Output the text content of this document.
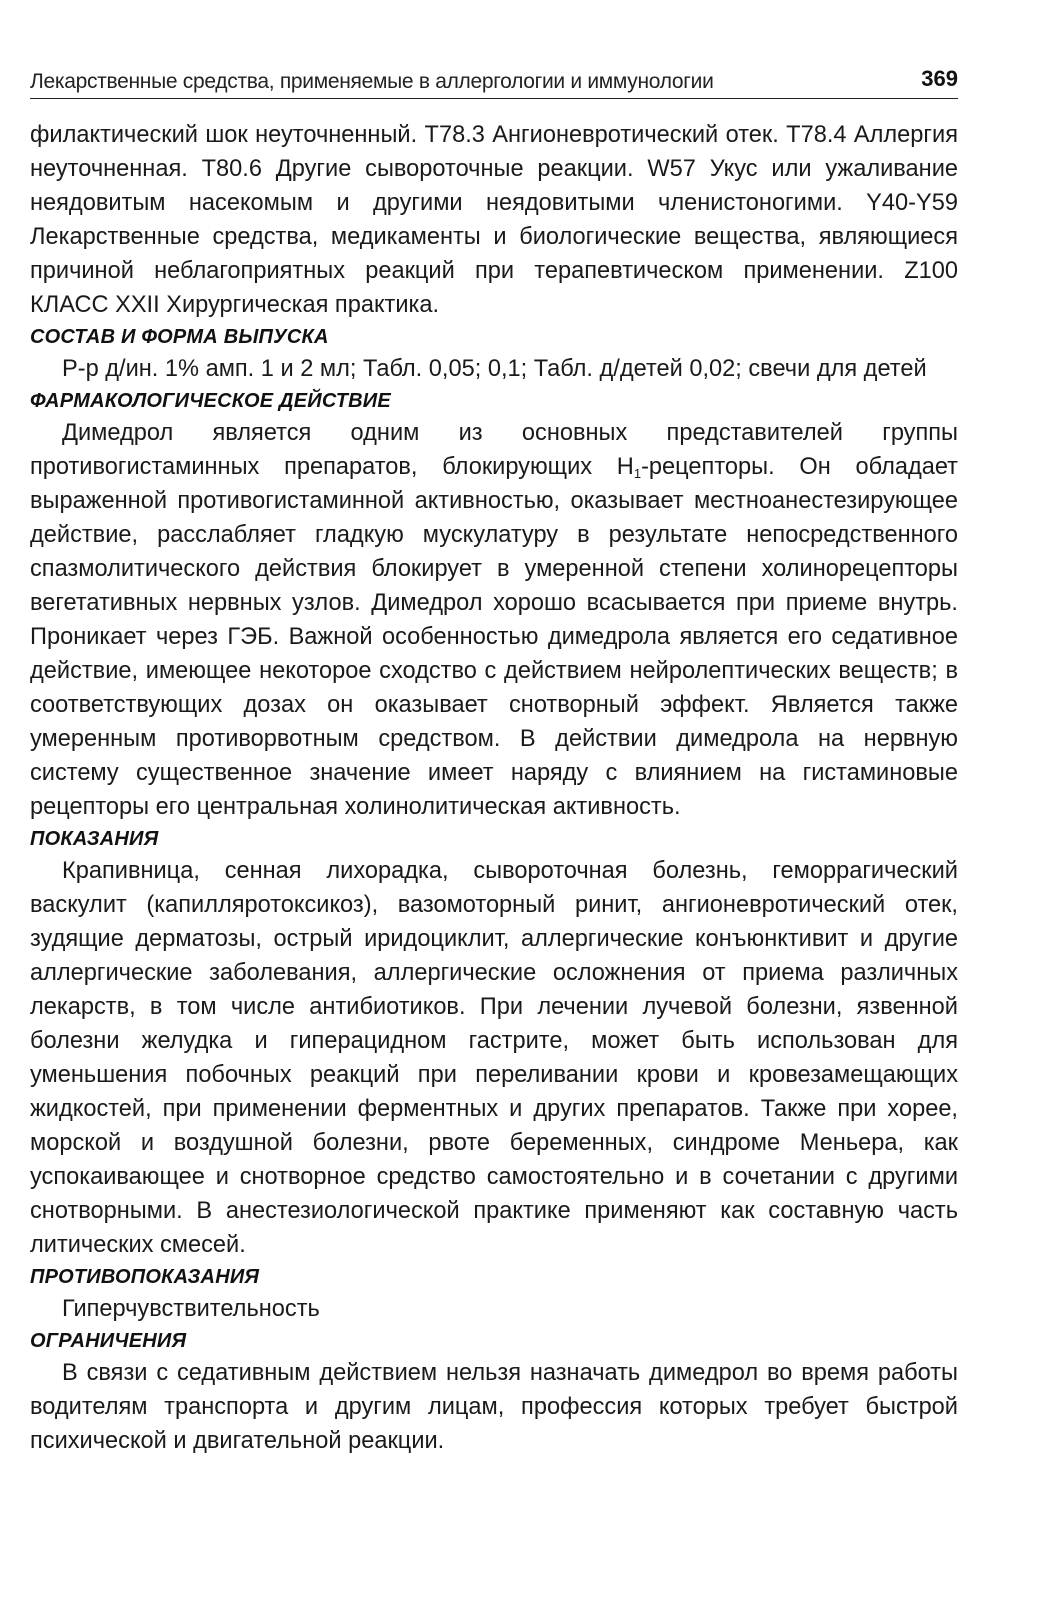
Лекарственные средства, применяемые в аллергологии и иммунологии	369

филактический шок неуточненный. T78.3 Ангионевротический отек. T78.4 Аллергия неуточненная. T80.6 Другие сывороточные реакции. W57 Укус или ужаливание неядовитым насекомым и другими неядовитыми членистоногими. Y40-Y59 Лекарственные средства, медикаменты и биологические вещества, являющиеся причиной неблагоприятных реакций при терапевтическом применении. Z100 КЛАСС XXII Хирургическая практика.

СОСТАВ И ФОРМА ВЫПУСКА

Р-р д/ин. 1% амп. 1 и 2 мл; Табл. 0,05; 0,1; Табл. д/детей 0,02; свечи для детей

ФАРМАКОЛОГИЧЕСКОЕ ДЕЙСТВИЕ

Димедрол является одним из основных представителей группы противогистаминных препаратов, блокирующих $Н_1$-рецепторы. Он обладает выраженной противогистаминной активностью, оказывает местноанестезирующее действие, расслабляет гладкую мускулатуру в результате непосредственного спазмолитического действия блокирует в умеренной степени холинорецепторы вегетативных нервных узлов. Димедрол хорошо всасывается при приеме внутрь. Проникает через ГЭБ. Важной особенностью димедрола является его седативное действие, имеющее некоторое сходство с действием нейролептических веществ; в соответствующих дозах он оказывает снотворный эффект. Является также умеренным противорвотным средством. В действии димедрола на нервную систему существенное значение имеет наряду с влиянием на гистаминовые рецепторы его центральная холинолитическая активность.

ПОКАЗАНИЯ

Крапивница, сенная лихорадка, сывороточная болезнь, геморрагический васкулит (капилляротоксикоз), вазомоторный ринит, ангионевротический отек, зудящие дерматозы, острый иридоциклит, аллергические конъюнктивит и другие аллергические заболевания, аллергические осложнения от приема различных лекарств, в том числе антибиотиков. При лечении лучевой болезни, язвенной болезни желудка и гиперацидном гастрите, может быть использован для уменьшения побочных реакций при переливании крови и кровезамещающих жидкостей, при применении ферментных и других препаратов. Также при хорее, морской и воздушной болезни, рвоте беременных, синдроме Меньера, как успокаивающее и снотворное средство самостоятельно и в сочетании с другими снотворными. В анестезиологической практике применяют как составную часть литических смесей.

ПРОТИВОПОКАЗАНИЯ

Гиперчувствительность

ОГРАНИЧЕНИЯ

В связи с седативным действием нельзя назначать димедрол во время работы водителям транспорта и другим лицам, профессия которых требует быстрой психической и двигательной реакции.
